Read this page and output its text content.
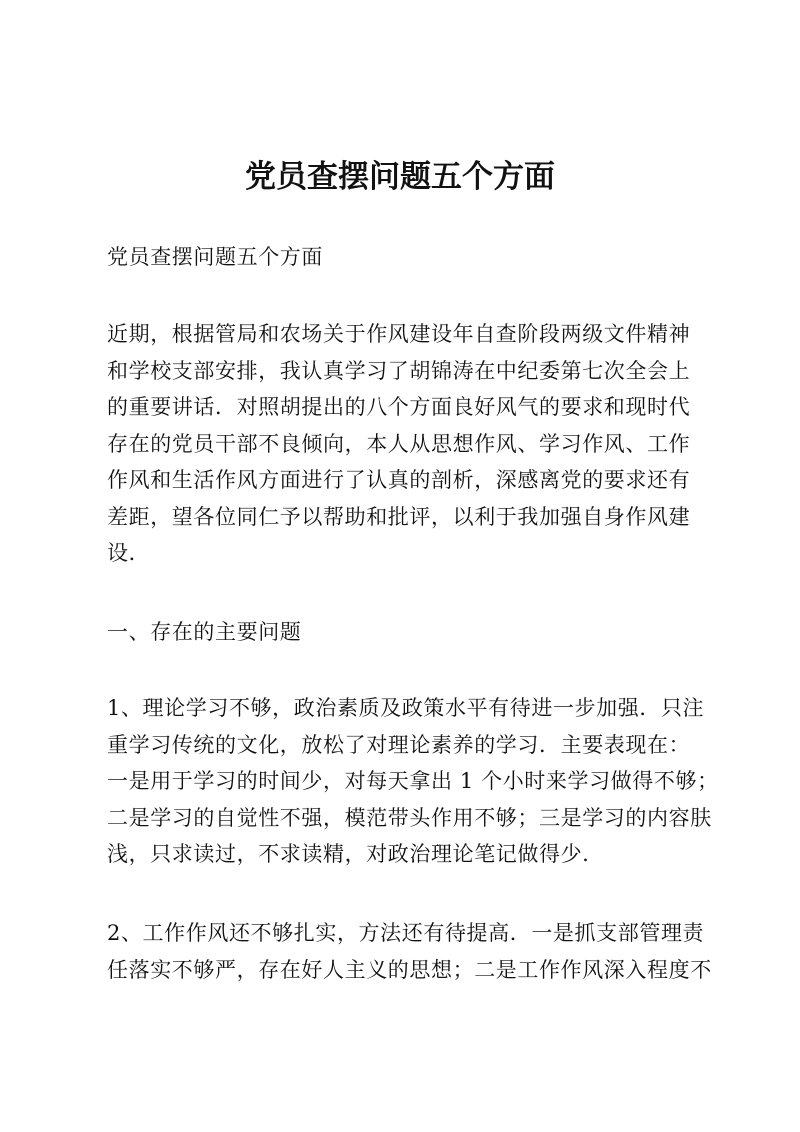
党员查摆问题五个方面
党员查摆问题五个方面
近期，根据管局和农场关于作风建设年自查阶段两级文件精神
和学校支部安排，我认真学习了胡锦涛在中纪委第七次全会上
的重要讲话．对照胡提出的八个方面良好风气的要求和现时代
存在的党员干部不良倾向，本人从思想作风、学习作风、工作
作风和生活作风方面进行了认真的剖析，深感离党的要求还有
差距，望各位同仁予以帮助和批评，以利于我加强自身作风建
设．
一、存在的主要问题
1、理论学习不够，政治素质及政策水平有待进一步加强．只注
重学习传统的文化，放松了对理论素养的学习．主要表现在：
一是用于学习的时间少，对每天拿出 1 个小时来学习做得不够；
二是学习的自觉性不强，模范带头作用不够；三是学习的内容肤
浅，只求读过，不求读精，对政治理论笔记做得少．
2、工作作风还不够扎实，方法还有待提高．一是抓支部管理责
任落实不够严，存在好人主义的思想；二是工作作风深入程度不
